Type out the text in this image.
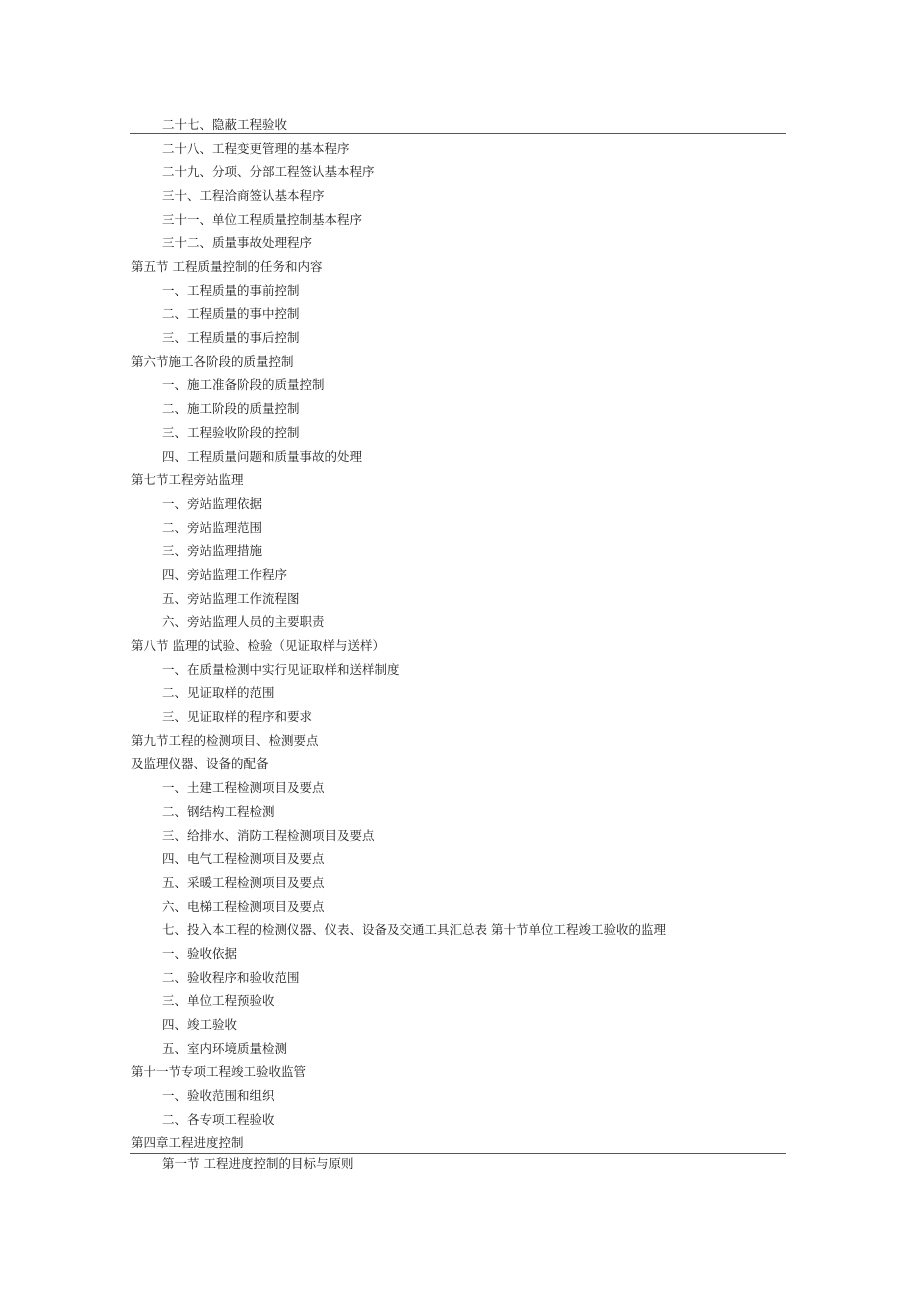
二十七、隐蔽工程验收
二十八、工程变更管理的基本程序
二十九、分项、分部工程签认基本程序
三十、工程洽商签认基本程序
三十一、单位工程质量控制基本程序
三十二、质量事故处理程序
第五节 工程质量控制的任务和内容
一、工程质量的事前控制
二、工程质量的事中控制
三、工程质量的事后控制
第六节施工各阶段的质量控制
一、施工准备阶段的质量控制
二、施工阶段的质量控制
三、工程验收阶段的控制
四、工程质量问题和质量事故的处理
第七节工程旁站监理
一、旁站监理依据
二、旁站监理范围
三、旁站监理措施
四、旁站监理工作程序
五、旁站监理工作流程图
六、旁站监理人员的主要职责
第八节 监理的试验、检验（见证取样与送样）
一、在质量检测中实行见证取样和送样制度
二、见证取样的范围
三、见证取样的程序和要求
第九节工程的检测项目、检测要点
及监理仪器、设备的配备
一、土建工程检测项目及要点
二、钢结构工程检测
三、给排水、消防工程检测项目及要点
四、电气工程检测项目及要点
五、采暖工程检测项目及要点
六、电梯工程检测项目及要点
七、投入本工程的检测仪器、仪表、设备及交通工具汇总表 第十节单位工程竣工验收的监理
一、验收依据
二、验收程序和验收范围
三、单位工程预验收
四、竣工验收
五、室内环境质量检测
第十一节专项工程竣工验收监管
一、验收范围和组织
二、各专项工程验收
第四章工程进度控制
第一节 工程进度控制的目标与原则
